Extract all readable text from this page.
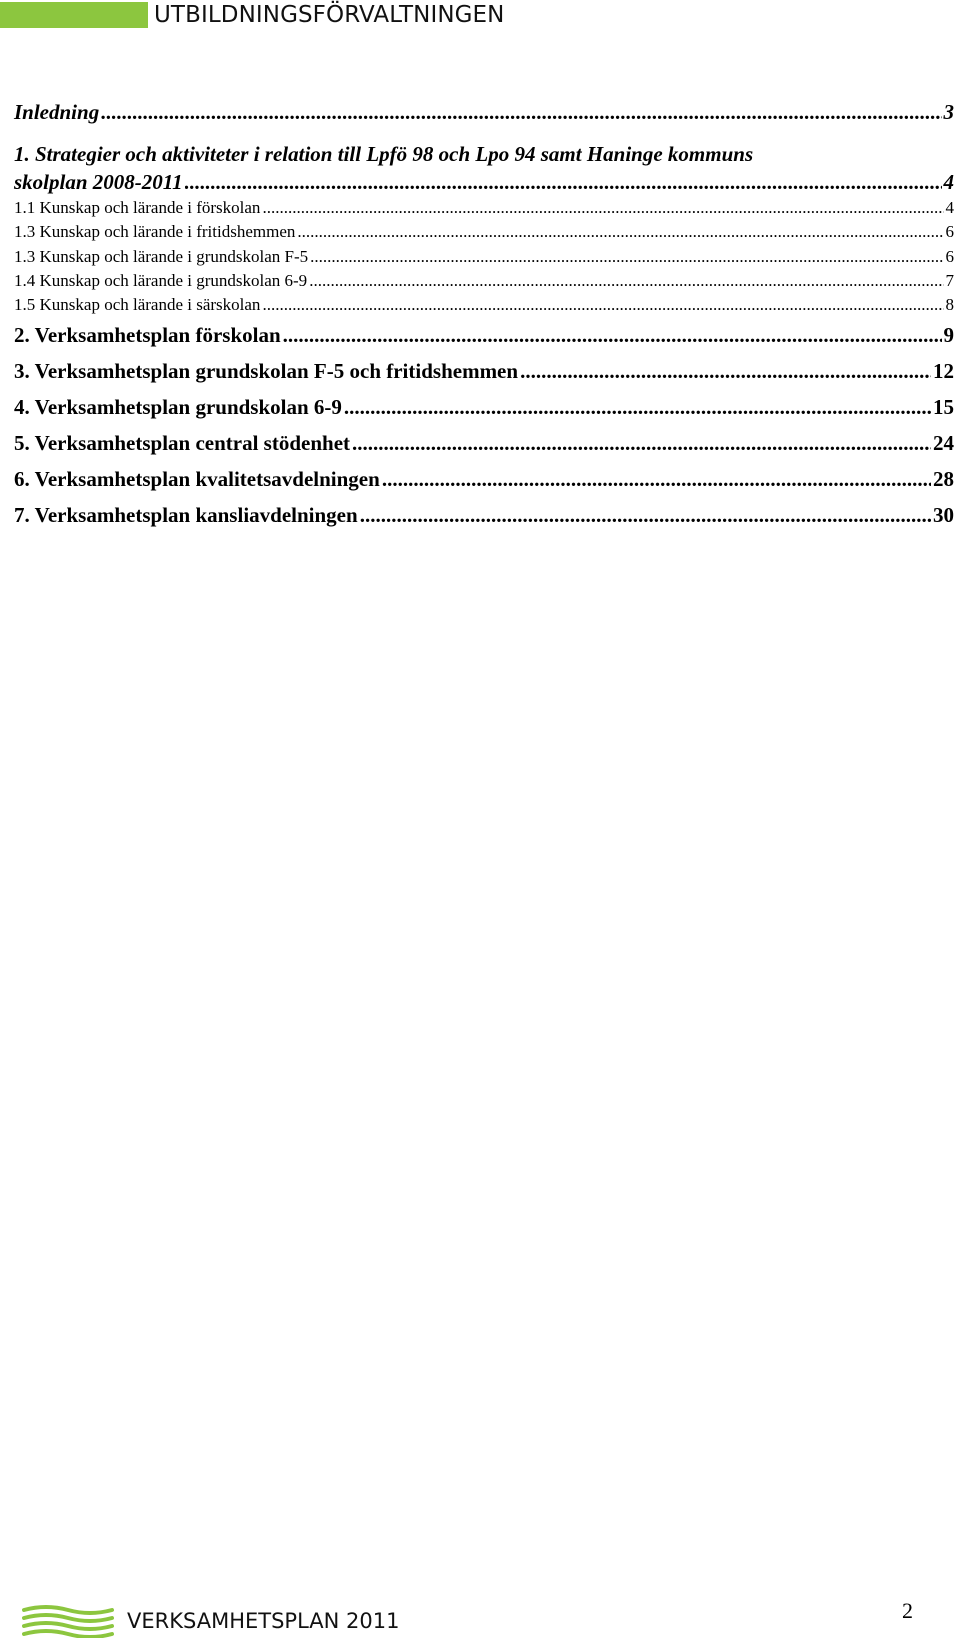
UTBILDNINGSFÖRVALTNINGEN
Inledning .....	3
1. Strategier och aktiviteter i relation till Lpfö 98 och Lpo 94 samt Haninge kommuns
skolplan 2008-2011 .....	4
1.1 Kunskap och lärande i förskolan .....	4
1.3 Kunskap och lärande i fritidshemmen .....	6
1.3 Kunskap och lärande i grundskolan F-5 .....	6
1.4 Kunskap och lärande i grundskolan 6-9 .....	7
1.5 Kunskap och lärande i särskolan .....	8
2. Verksamhetsplan förskolan .....	9
3. Verksamhetsplan grundskolan F-5 och fritidshemmen .....	12
4. Verksamhetsplan grundskolan 6-9 .....	15
5. Verksamhetsplan central stödenhet .....	24
6. Verksamhetsplan kvalitetsavdelningen .....	28
7. Verksamhetsplan kansliavdelningen .....	30
2
VERKSAMHETSPLAN 2011
